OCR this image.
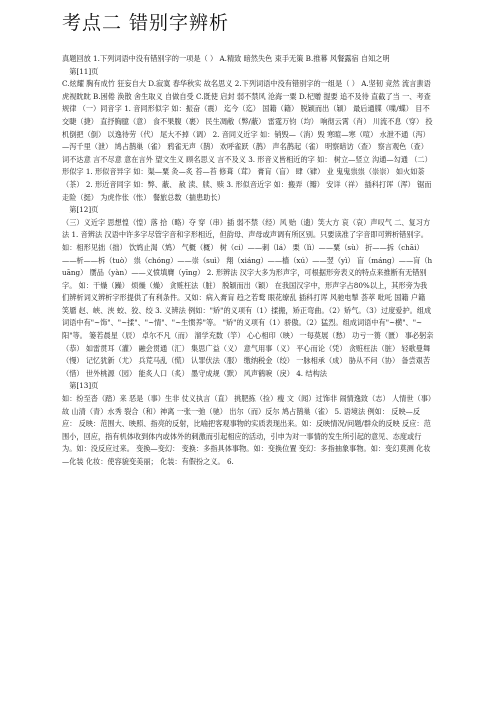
考点二 错别字辨析

真题回放 1.下列词语中没有错别字的一项是（ ） A.精致 暗然失色 束手无策 B.推幕 风餐露宿 自知之明

　第[11]页

C.炫耀 胸有成竹 狂妄自大 D.寂寞 春华秋实 故名思义 2.下列词语中没有错别字的一组是（ ） A.坚韧 竞然 流言蜚语 虎视眈眈 B.困倦 涣散 舍生取义 自做自受 C.既使 启封 弱不禁风 沧海一粟 D.杞赠 提要 追不及待 直截了当 一、考查规律 （一）同音字 1. 音同形似字 如：振奋（震） 迄今（迄） 国籍（籍） 脱颖而出（颖） 最后通牒（喋/蝶） 目不交睫（捷） 直抒胸臆（意） 食不果腹（裹） 民生凋敝（弊/蔽） 雷霆万钧（均） 响彻云霄（肖） 川流不息（穿） 投机倒把（倒） 以逸待劳（代） 尾大不掉（调） 2. 音同义近字 如：销毁—（消）毁 寒暄—寒（喧） 水泄不通（泻）—泻千里（泄） 鸠占鹊巢（雀） 鸦雀无声（鹊） 欢呼雀跃（鹊） 声名鹊起（雀） 明察暗访（查） 察言观色（查） 词不达意 言不尽意 意在言外 望文生义 顾名思义 言不及义 3. 形音义皆相近的字 如： 树立—竖立 沟通—勾通 （二）形似字 1. 形似音异字 如：渠—粟 灸—炙 苔—苔 修葺（茸） 膏肓（盲） 肆（肄） 业 鬼鬼祟祟（崇崇） 如火如荼（茶） 2. 形近音同字 如：弊、蔽、 赦 渎、牍、赎 3. 形似音近字 如：搬弄（瓣） 安详（祥） 插科打诨（浑） 锯而走险（挺） 为虎作伥（怅） 餐旅总数（揣患助长）

　第[12]页

（三）义近字 思想惶（惶）落 拾（略）夺 穿（串）插 弱不禁（经）风 贻（遗）笑大方 哀（哀）声叹气 二、复习方法 1. 音辨法 汉语中许多字尽管字音和字形相近，但韵母、声母或声调有所区别。只要读准了字音即可辨析错别字。 如：相形见拙（拙） 饮鸩止渴（鸩） 气概（概） 树（ci）——刺（lá） 栗（lì）——粟（sù） 折——拆（chāi）——析——柝（tuò） 祟（chóng）——崇（suì） 翔（xiáng）——樯（xú）——翌（yì） 盲（máng）——肓（huāng） 赝品（yàn）——义愤填膺（yīng） 2. 形辨法 汉字大多为形声字，可根据形旁表义的特点来推断有无错别字。 如：干燥（躁） 烦燥（燥） 贪赃枉法（脏） 脱颖而出（颖） 在我国汉字中，形声字占80%以上，其形旁为我们辨析词义辨析字形提供了有利条件。又如：病入膏肓 趋之若鹜 眼花缭乱 插科打诨 风驰电掣 荟萃 吡吒 国籍 户籍 笑靥 赵、峡、浃 蛟、狡、绞 3. 义辨法 例如："矫"的义项有（1）揉搬，矫正弯曲。（2）矫气。（3）过度爱护。组成词语中有"~饰"、"~揉"、"~情"、"~生惯养"等。 "矫"的义项有（1）骄傲。（2）猛烈。组成词语中有"~横"、"~阳"等。 篓若晨星（辰） 卓尔不凡（而） 溜学充数（竽） 心心相印（映） 一每莫展（愁） 功亏一篑（匮） 事必躬亲（恭） 如雷贯耳（灌） 融会贯通（汇） 集思广益（义） 意气用事（义） 平心而论（凭） 贪赃枉法（脏） 轻歌曼舞（慢） 记忆犹新（尤） 兵荒马乱（慌） 认罪伏法（服） 缴纳税金（绞） 一脉相承（成） 胁从不问（协） 备尝艰苦（惜） 世外桃源（园） 能炙人口（炙） 墨守成规（默） 风声鹤唳（戾） 4. 结构法

　第[13]页

如：纷至沓（踏）来 恶是（事）生非 仗义执言（直） 挑肥拣（捡）瘦 文（闻）过饰非 闹情逸致（志） 人情世（事）故 山清（青）水秀 裂合（和）神离 一张一弛（驰） 出尔（而）反尔 鸠占鹊巢（雀） 5. 语境法 例如： 反映—反应： 反映：范围大、映照、指亮的反射，比喻把客观事物的实质表现出来。如：反映情况/问题/群众的反映 反应：范围小，回应，指有机体收到体内或体外的刺激而引起相应的活动，引申为对一事情的发生所引起的意见、态度或行为。如：没反应过来。 变换—变幻： 变换：多指具体事物。如：变换位置 变幻：多指抽象事物。如：变幻莫测 化妆—化装 化妆：使容貌变美丽； 化装：有假扮之义。 6.
